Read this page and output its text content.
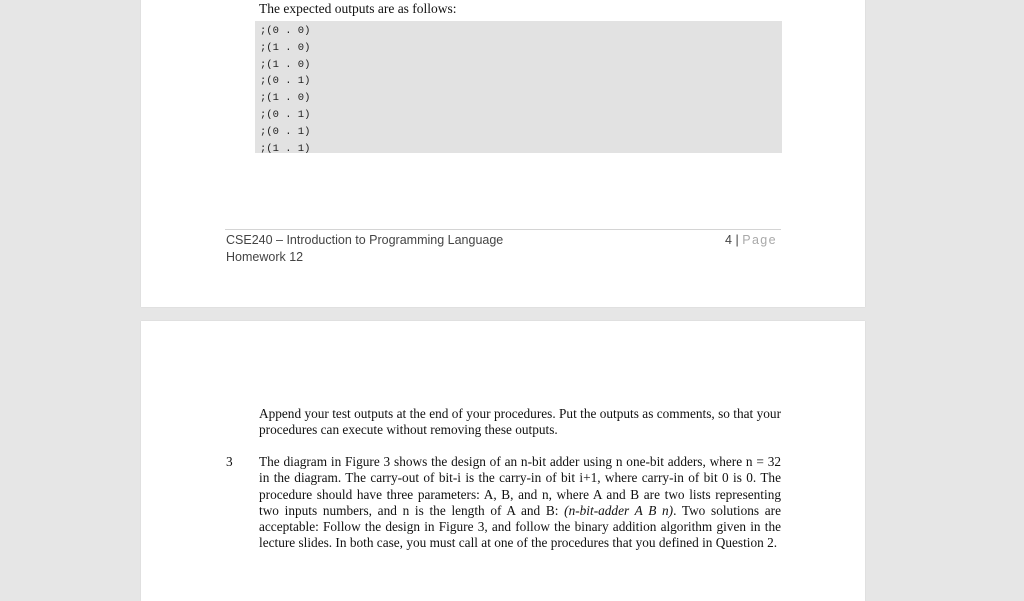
The expected outputs are as follows:
;(0 . 0)
;(1 . 0)
;(1 . 0)
;(0 . 1)
;(1 . 0)
;(0 . 1)
;(0 . 1)
;(1 . 1)
CSE240 – Introduction to Programming Language
Homework 12
4 | Page
Append your test outputs at the end of your procedures. Put the outputs as comments, so that your procedures can execute without removing these outputs.
3 The diagram in Figure 3 shows the design of an n-bit adder using n one-bit adders, where n = 32 in the diagram. The carry-out of bit-i is the carry-in of bit i+1, where carry-in of bit 0 is 0. The procedure should have three parameters: A, B, and n, where A and B are two lists representing two inputs numbers, and n is the length of A and B: (n-bit-adder A B n). Two solutions are acceptable: Follow the design in Figure 3, and follow the binary addition algorithm given in the lecture slides. In both case, you must call at one of the procedures that you defined in Question 2.
